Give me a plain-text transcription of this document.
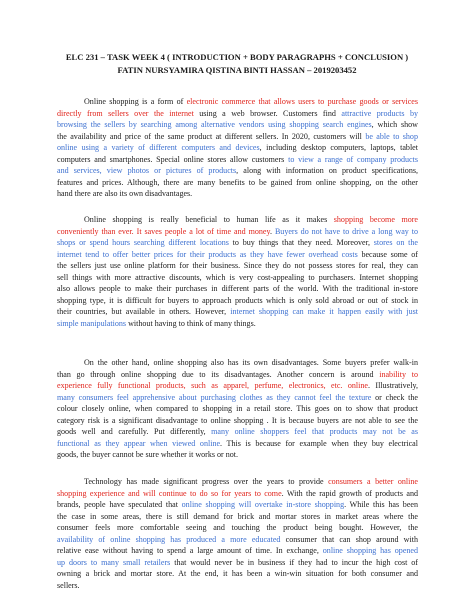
ELC 231 – TASK WEEK 4 ( INTRODUCTION + BODY PARAGRAPHS + CONCLUSION )
FATIN NURSYAMIRA QISTINA BINTI HASSAN – 2019203452
Online shopping is a form of electronic commerce that allows users to purchase goods or services
directly from sellers over the internet using a web browser. Customers find attractive products by
browsing the sellers by searching among alternative vendors using shopping search engines, which show
the availability and price of the same product at different sellers. In 2020, customers will be able to shop
online using a variety of different computers and devices, including desktop computers, laptops, tablet
computers and smartphones. Special online stores allow customers to view a range of company products
and services, view photos or pictures of products, along with information on product specifications,
features and prices. Although, there are many benefits to be gained from online shopping, on the other
hand there are also its own disadvantages.
Online shopping is really beneficial to human life as it makes shopping become more
conveniently than ever. It saves people a lot of time and money. Buyers do not have to drive a long way to
shops or spend hours searching different locations to buy things that they need. Moreover, stores on the
internet tend to offer better prices for their products as they have fewer overhead costs because some of
the sellers just use online platform for their business. Since they do not possess stores for real, they can
sell things with more attractive discounts, which is very cost-appealing to purchasers. Internet shopping
also allows people to make their purchases in different parts of the world. With the traditional in-store
shopping type, it is difficult for buyers to approach products which is only sold abroad or out of stock in
their countries, but available in others. However, internet shopping can make it happen easily with just
simple manipulations without having to think of many things.
On the other hand, online shopping also has its own disadvantages. Some buyers prefer walk-in
than go through online shopping due to its disadvantages. Another concern is around inability to
experience fully functional products, such as apparel, perfume, electronics, etc. online. Illustratively,
many consumers feel apprehensive about purchasing clothes as they cannot feel the texture or check the
colour closely online, when compared to shopping in a retail store. This goes on to show that product
category risk is a significant disadvantage to online shopping . It is because buyers are not able to see the
goods well and carefully. Put differently, many online shoppers feel that products may not be as
functional as they appear when viewed online. This is because for example when they buy electrical
goods, the buyer cannot be sure whether it works or not.
Technology has made significant progress over the years to provide consumers a better online
shopping experience and will continue to do so for years to come. With the rapid growth of products and
brands, people have speculated that online shopping will overtake in-store shopping. While this has been
the case in some areas, there is still demand for brick and mortar stores in market areas where the
consumer feels more comfortable seeing and touching the product being bought. However, the
availability of online shopping has produced a more educated consumer that can shop around with
relative ease without having to spend a large amount of time. In exchange, online shopping has opened
up doors to many small retailers that would never be in business if they had to incur the high cost of
owning a brick and mortar store. At the end, it has been a win-win situation for both consumer and
sellers.
